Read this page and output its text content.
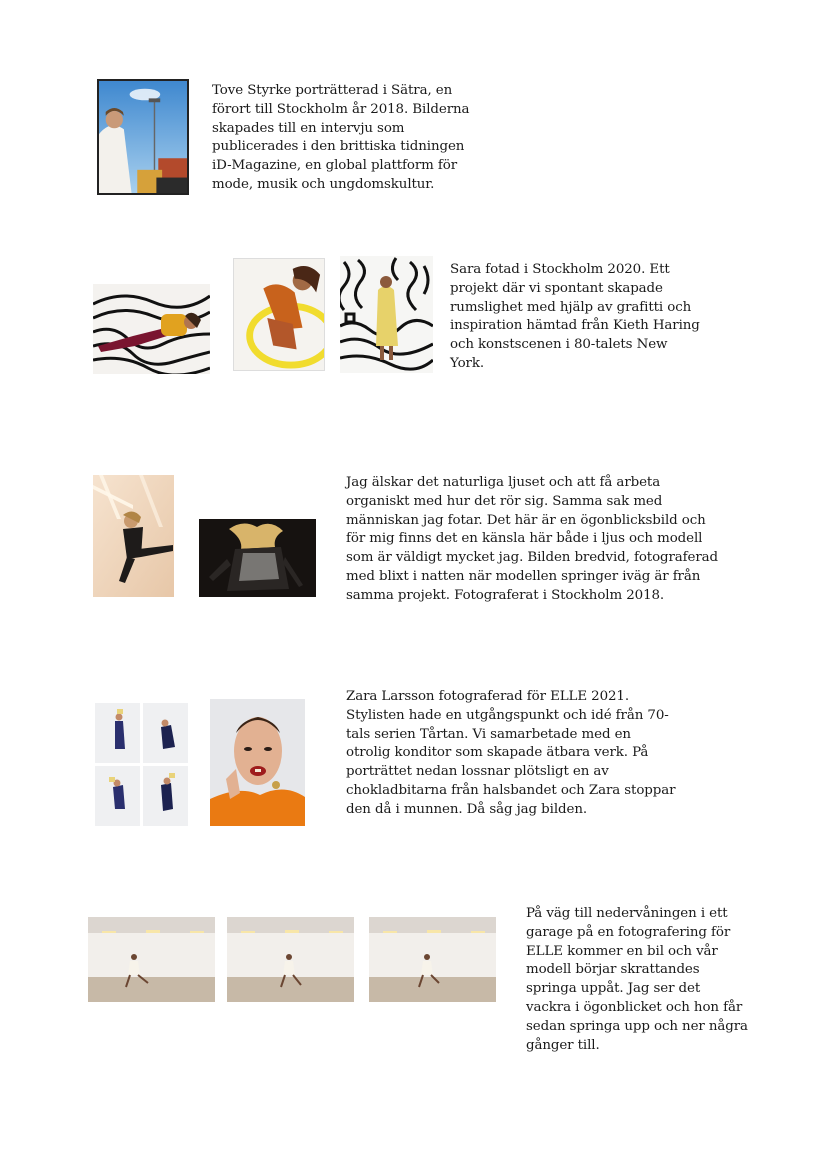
Tove Styrke porträtterad i Sätra, en förort till Stockholm år 2018. Bilderna skapades till en intervju som publicerades i den brittiska tidningen iD-Magazine, en global plattform för mode, musik och ungdomskultur.

Sara fotad i Stockholm 2020. Ett projekt där vi spontant skapade rumslighet med hjälp av grafitti och inspiration hämtad från Kieth Haring och konstscenen i 80-talets New York.

Jag älskar det naturliga ljuset och att få arbeta organiskt med hur det rör sig. Samma sak med människan jag fotar. Det här är en ögonblicksbild och för mig finns det en känsla här både i ljus och modell som är väldigt mycket jag. Bilden bredvid, fotograferad med blixt i natten när modellen springer iväg är från samma projekt. Fotograferat i Stockholm 2018.

Zara Larsson fotograferad för ELLE 2021. Stylisten hade en utgångspunkt och idé från 70-tals serien Tårtan. Vi samarbetade med en otrolig konditor som skapade ätbara verk. På porträttet nedan lossnar plötsligt en av chokladbitarna från halsbandet och Zara stoppar den då i munnen. Då såg jag bilden.

På väg till nedervåningen i ett garage på en fotografering för ELLE kommer en bil och vår modell börjar skrattandes springa uppåt. Jag ser det vackra i ögonblicket och hon får sedan springa upp och ner några gånger till.
